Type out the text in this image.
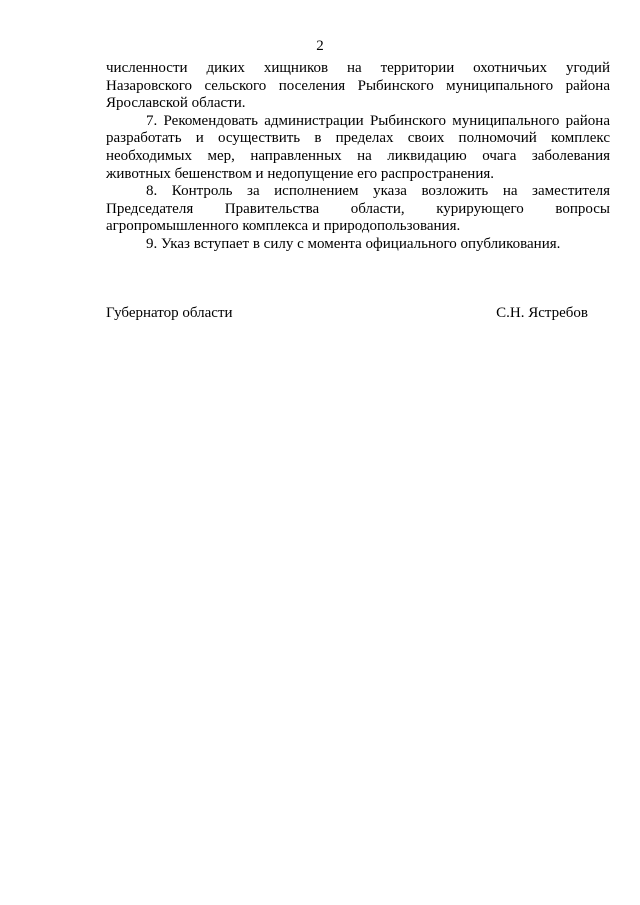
2
численности диких хищников на территории охотничьих угодий
Назаровского сельского поселения Рыбинского муниципального района
Ярославской области.
7. Рекомендовать администрации Рыбинского муниципального района
разработать и осуществить в пределах своих полномочий комплекс
необходимых мер, направленных на ликвидацию очага заболевания
животных бешенством и недопущение его распространения.
8. Контроль за исполнением указа возложить на заместителя
Председателя Правительства области, курирующего вопросы
агропромышленного комплекса и природопользования.
9. Указ вступает в силу с момента официального опубликования.
Губернатор области	С.Н. Ястребов
